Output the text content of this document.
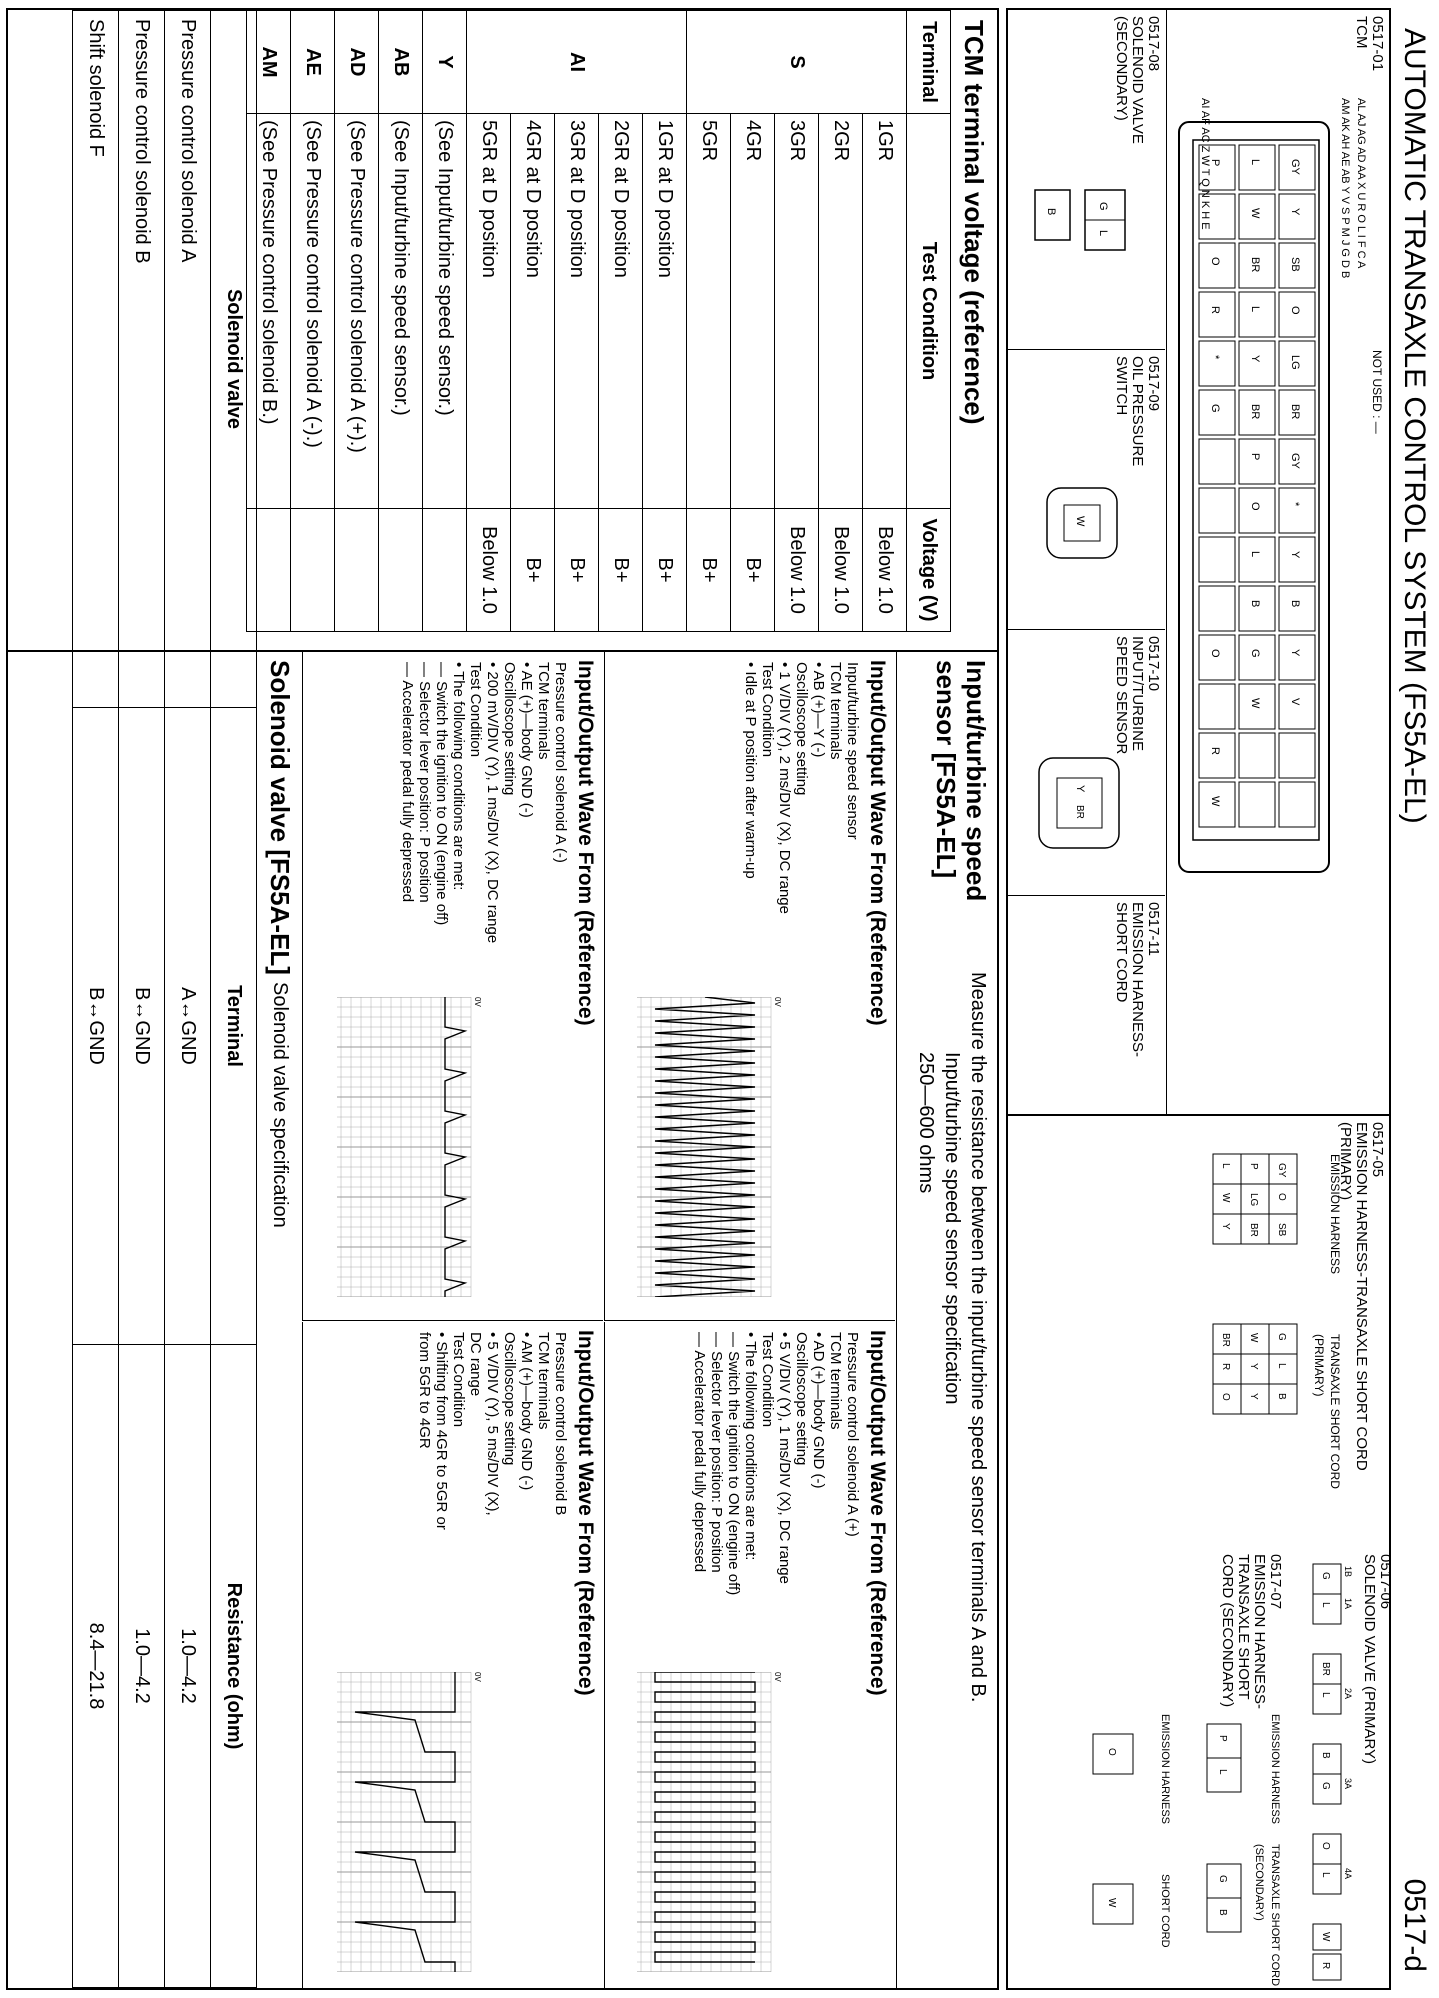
AUTOMATIC TRANSAXLE CONTROL SYSTEM (FS5A-EL)
0517-d
0517-01
TCM
NOT USED : —
AL AJ AG AD AA X U R O L I F C A
AM AK AH AE AB Y V S P M J G D B
AI AF AC Z W T Q N K H E	GY
Y
SB
O
LG
BR
GY
*
Y
B
Y
V
L
W
BR
L
Y
BR
P
O
L
B
G
W
P
O
R
*
G
O
R
W
0517-08
SOLENOID VALVE
(SECONDARY)
G
L
B
0517-09
OIL PRESSURE
SWITCH
W
0517-10
INPUT/TURBINE
SPEED SENSOR
Y
BR
0517-11
EMISSION HARNESS-
SHORT CORD
0517-05
EMISSION HARNESS-TRANSAXLE SHORT CORD
(PRIMARY)
EMISSION HARNESS
TRANSAXLE SHORT CORD
(PRIMARY)
GY
O
SB
P
LG
BR
L
W
Y
G
L
B
W
Y
Y
BR
R
O
0517-06
SOLENOID VALVE (PRIMARY)
G
L 1A
BR
L 2A
B
G 3A
O
L 4A
1B
W
R
0517-07
EMISSION HARNESS-
TRANSAXLE SHORT
CORD (SECONDARY)
EMISSION HARNESS
TRANSAXLE SHORT CORD
(SECONDARY)
P
L
G
B
EMISSION HARNESS
SHORT CORD
O
W
TCM terminal voltage (reference)
Terminal	Test Condition	Voltage (V)
S	1GR	Below 1.0
	2GR	Below 1.0
	3GR	Below 1.0
	4GR	B+
	5GR	B+
AI	1GR at D position	B+
	2GR at D position	B+
	3GR at D position	B+
	4GR at D position	B+
	5GR at D position	Below 1.0
Y	(See Input/turbine speed sensor.)	
AB	(See Input/turbine speed sensor.)	
AD	(See Pressure control solenoid A (+).)	
AE	(See Pressure control solenoid A (-).)	
AM	(See Pressure control solenoid B.)	
Input/turbine speed
sensor [FS5A-EL]
Measure the resistance between the input/turbine speed sensor terminals A and B.
Input/turbine speed sensor specification
250—600 ohms
Input/Output Wave From (Reference)
Input/turbine speed sensor
TCM terminals
• AB (+)—Y (-)
Oscilloscope setting
• 1 V/DIV (Y), 2 ms/DIV (X), DC range
Test Condition
• Idle at P position after warm-up
0V
Input/Output Wave From (Reference)
Pressure control solenoid A (+)
TCM terminals
• AD (+)—body GND (-)
Oscilloscope setting
• 5 V/DIV (Y), 1 ms/DIV (X), DC range
Test Condition
• The following conditions are met:
— Switch the ignition to ON (engine off)
— Selector lever position: P position
— Accelerator pedal fully depressed
0V
Input/Output Wave From (Reference)
Pressure control solenoid A (-)
TCM terminals
• AE (+)—body GND (-)
Oscilloscope setting
• 200 mV/DIV (Y), 1 ms/DIV (X), DC range
Test Condition
• The following conditions are met:
— Switch the ignition to ON (engine off)
— Selector lever position: P position
— Accelerator pedal fully depressed
0V
Input/Output Wave From (Reference)
Pressure control solenoid B
TCM terminals
• AM (+)—body GND (-)
Oscilloscope setting
• 5 V/DIV (Y), 5 ms/DIV (X),
DC range
Test Condition
• Shifting from 4GR to 5GR or
from 5GR to 4GR
0V
Solenoid valve [FS5A-EL]
Solenoid valve specification
Solenoid valve	Terminal	Resistance (ohm)
Pressure control solenoid A	A↔GND	1.0—4.2
Pressure control solenoid B	B↔GND	1.0—4.2
Shift solenoid F	B↔GND	8.4—21.8
